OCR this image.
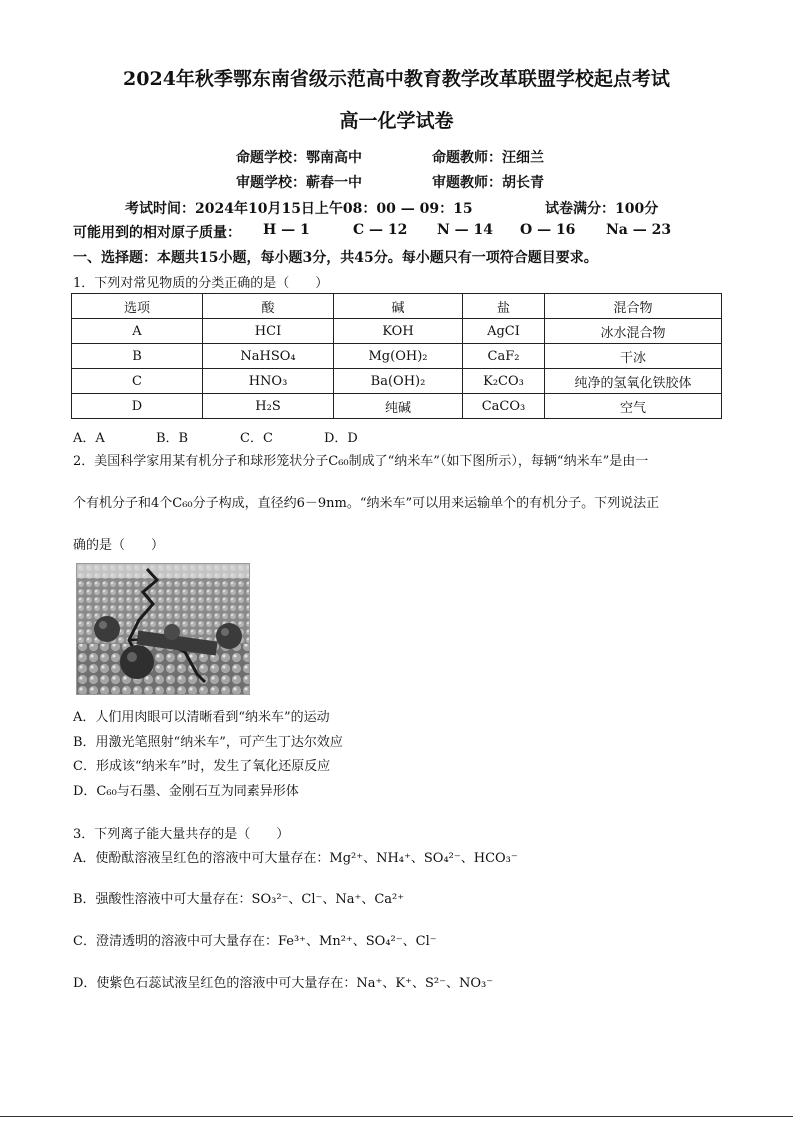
2024年秋季鄂东南省级示范高中教育教学改革联盟学校起点考试
高一化学试卷
命题学校：鄂南高中	命题教师：汪细兰
审题学校：蕲春一中	审题教师：胡长青
考试时间：2024年10月15日上午08：00 — 09：15	试卷满分：100分
可能用到的相对原子质量： H — 1	C — 12 N — 14 O — 16 Na — 23
一、选择题：本题共15小题，每小题3分，共45分。每小题只有一项符合题目要求。
1．下列对常见物质的分类正确的是（　　）
选项	酸	碱	盐	混合物
A	HCI	KOH	AgCI	冰水混合物
B	NaHSO₄	Mg(OH)₂	CaF₂	干冰
C	HNO₃	Ba(OH)₂	K₂CO₃	纯净的氢氧化铁胶体
D	H₂S	纯碱	CaCO₃	空气
A．A	B．B	C．C	D．D
2．美国科学家用某有机分子和球形笼状分子C₆₀制成了“纳米车”（如下图所示），每辆“纳米车”是由一
个有机分子和4个C₆₀分子构成，直径约6－9nm。“纳米车”可以用来运输单个的有机分子。下列说法正
确的是（　　）
A．人们用肉眼可以清晰看到“纳米车”的运动
B．用激光笔照射“纳米车”，可产生丁达尔效应
C．形成该“纳米车”时，发生了氧化还原反应
D．C₆₀与石墨、金刚石互为同素异形体
3．下列离子能大量共存的是（　　）
A．使酚酞溶液呈红色的溶液中可大量存在：Mg²⁺、NH₄⁺、SO₄²⁻、HCO₃⁻
B．强酸性溶液中可大量存在：SO₃²⁻、Cl⁻、Na⁺、Ca²⁺
C．澄清透明的溶液中可大量存在：Fe³⁺、Mn²⁺、SO₄²⁻、Cl⁻
D．使紫色石蕊试液呈红色的溶液中可大量存在：Na⁺、K⁺、S²⁻、NO₃⁻
